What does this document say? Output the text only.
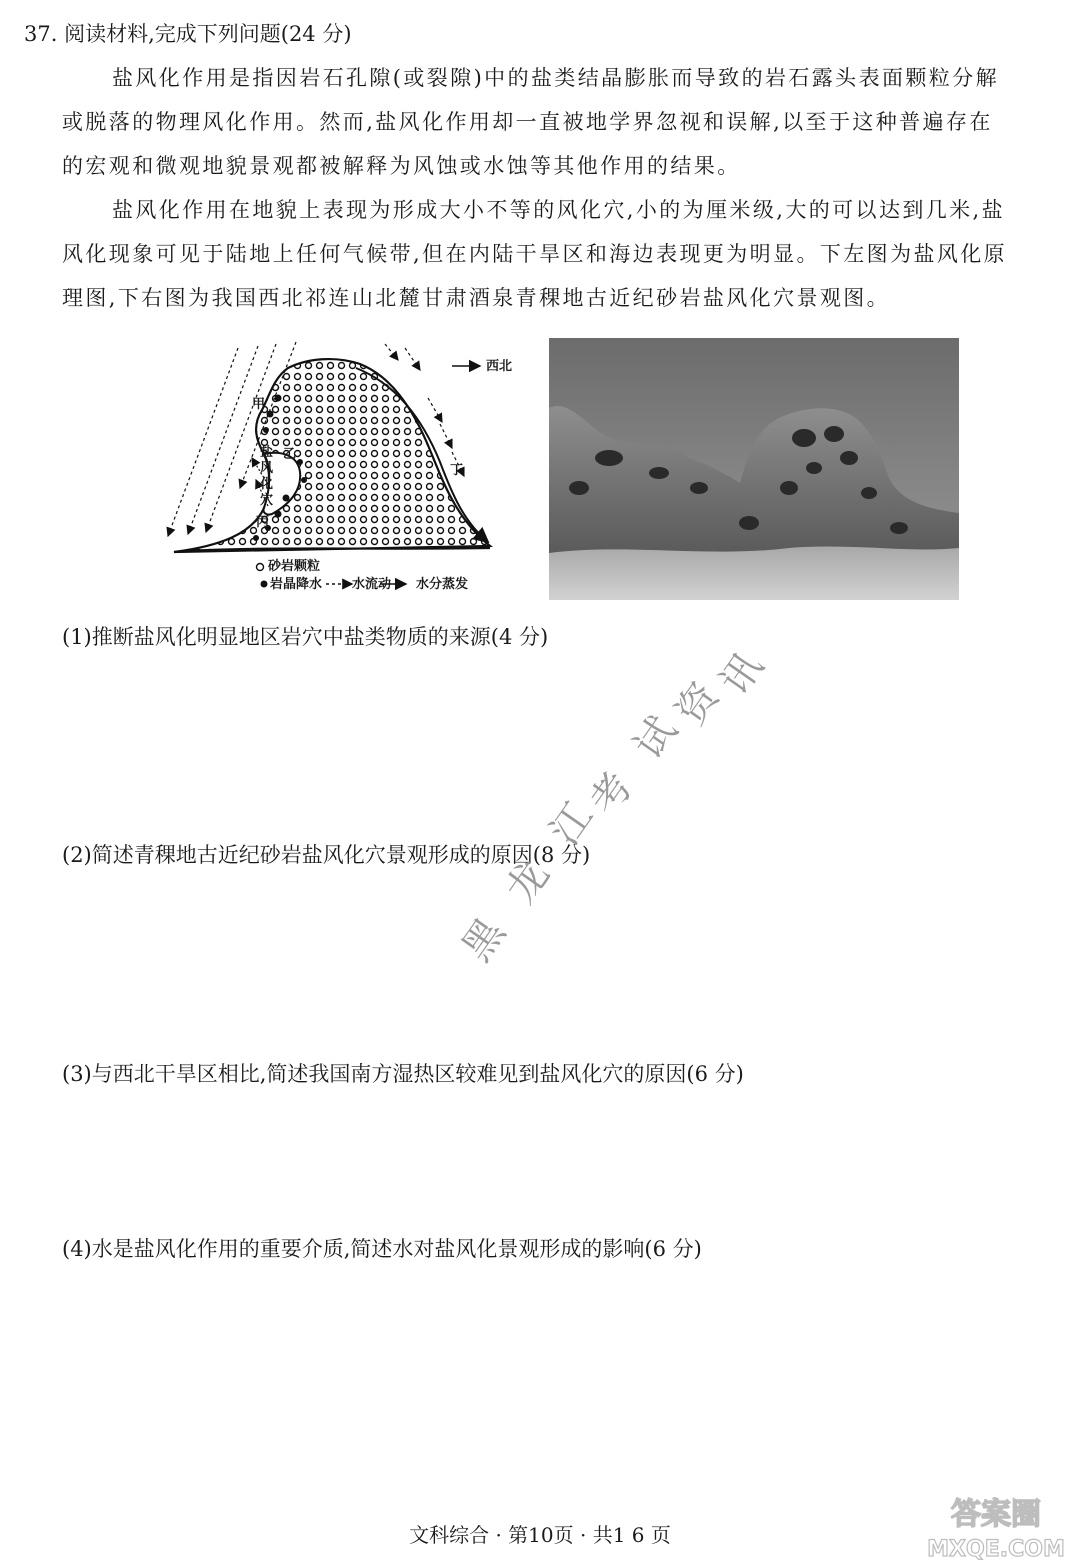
37. 阅读材料,完成下列问题(24 分)
盐风化作用是指因岩石孔隙(或裂隙)中的盐类结晶膨胀而导致的岩石露头表面颗粒分解
或脱落的物理风化作用。然而,盐风化作用却一直被地学界忽视和误解,以至于这种普遍存在
的宏观和微观地貌景观都被解释为风蚀或水蚀等其他作用的结果。
盐风化作用在地貌上表现为形成大小不等的风化穴,小的为厘米级,大的可以达到几米,盐
风化现象可见于陆地上任何气候带,但在内陆干旱区和海边表现更为明显。下左图为盐风化原
理图,下右图为我国西北祁连山北麓甘肃酒泉青稞地古近纪砂岩盐风化穴景观图。
西北
甲
乙
丙
丁
盐
风
化
穴
砂岩颗粒
岩晶 降水 水流动 水分蒸发
(1)推断盐风化明显地区岩穴中盐类物质的来源(4 分)
(2)简述青稞地古近纪砂岩盐风化穴景观形成的原因(8 分)
(3)与西北干旱区相比,简述我国南方湿热区较难见到盐风化穴的原因(6 分)
(4)水是盐风化作用的重要介质,简述水对盐风化景观形成的影响(6 分)
黑
龙
江
考
试
资
讯
文科综合 · 第10页 · 共1 6 页
答案圈
MXQE.COM
